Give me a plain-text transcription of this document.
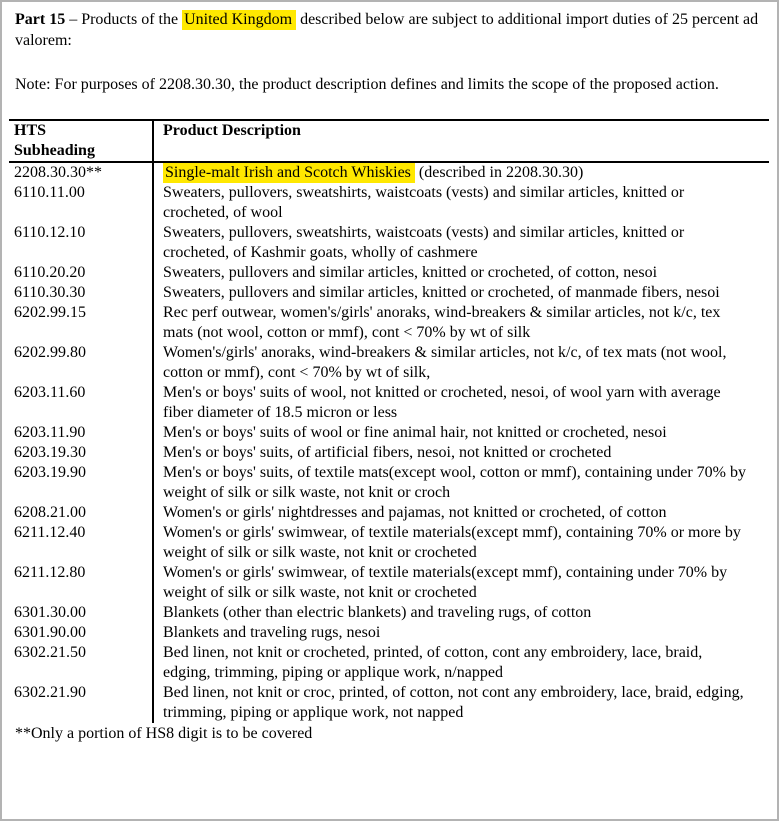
Part 15 – Products of the United Kingdom described below are subject to additional import duties of 25 percent ad valorem:

Note: For purposes of 2208.30.30, the product description defines and limits the scope of the proposed action.

HTS
Subheading	Product Description
2208.30.30**	Single-malt Irish and Scotch Whiskies (described in 2208.30.30)
6110.11.00	Sweaters, pullovers, sweatshirts, waistcoats (vests) and similar articles, knitted or crocheted, of wool
6110.12.10	Sweaters, pullovers, sweatshirts, waistcoats (vests) and similar articles, knitted or crocheted, of Kashmir goats, wholly of cashmere
6110.20.20	Sweaters, pullovers and similar articles, knitted or crocheted, of cotton, nesoi
6110.30.30	Sweaters, pullovers and similar articles, knitted or crocheted, of manmade fibers, nesoi
6202.99.15	Rec perf outwear, women's/girls' anoraks, wind-breakers & similar articles, not k/c, tex mats (not wool, cotton or mmf), cont < 70% by wt of silk
6202.99.80	Women's/girls' anoraks, wind-breakers & similar articles, not k/c, of tex mats (not wool, cotton or mmf), cont < 70% by wt of silk,
6203.11.60	Men's or boys' suits of wool, not knitted or crocheted, nesoi, of wool yarn with average fiber diameter of 18.5 micron or less
6203.11.90	Men's or boys' suits of wool or fine animal hair, not knitted or crocheted, nesoi
6203.19.30	Men's or boys' suits, of artificial fibers, nesoi, not knitted or crocheted
6203.19.90	Men's or boys' suits, of textile mats(except wool, cotton or mmf), containing under 70% by weight of silk or silk waste, not knit or croch
6208.21.00	Women's or girls' nightdresses and pajamas, not knitted or crocheted, of cotton
6211.12.40	Women's or girls' swimwear, of textile materials(except mmf), containing 70% or more by weight of silk or silk waste, not knit or crocheted
6211.12.80	Women's or girls' swimwear, of textile materials(except mmf), containing under 70% by weight of silk or silk waste, not knit or crocheted
6301.30.00	Blankets (other than electric blankets) and traveling rugs, of cotton
6301.90.00	Blankets and traveling rugs, nesoi
6302.21.50	Bed linen, not knit or crocheted, printed, of cotton, cont any embroidery, lace, braid, edging, trimming, piping or applique work, n/napped
6302.21.90	Bed linen, not knit or croc, printed, of cotton, not cont any embroidery, lace, braid, edging, trimming, piping or applique work, not napped

**Only a portion of HS8 digit is to be covered
